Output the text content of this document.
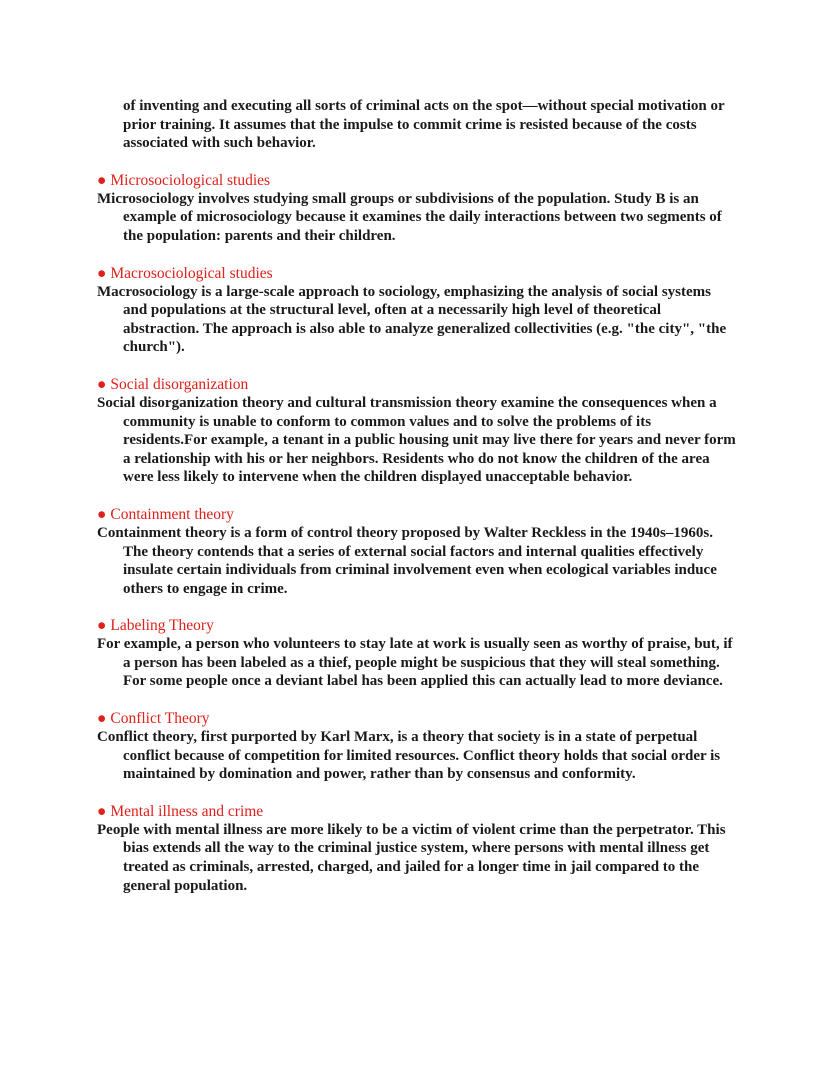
of inventing and executing all sorts of criminal acts on the spot—without special motivation or prior training. It assumes that the impulse to commit crime is resisted because of the costs associated with such behavior.

● Microsociological studies

Microsociology involves studying small groups or subdivisions of the population. Study B is an example of microsociology because it examines the daily interactions between two segments of the population: parents and their children.

● Macrosociological studies

Macrosociology is a large-scale approach to sociology, emphasizing the analysis of social systems and populations at the structural level, often at a necessarily high level of theoretical abstraction. The approach is also able to analyze generalized collectivities (e.g. "the city", "the church").

● Social disorganization

Social disorganization theory and cultural transmission theory examine the consequences when a community is unable to conform to common values and to solve the problems of its residents.For example, a tenant in a public housing unit may live there for years and never form a relationship with his or her neighbors. Residents who do not know the children of the area were less likely to intervene when the children displayed unacceptable behavior.

● Containment theory

Containment theory is a form of control theory proposed by Walter Reckless in the 1940s–1960s. The theory contends that a series of external social factors and internal qualities effectively insulate certain individuals from criminal involvement even when ecological variables induce others to engage in crime.

● Labeling Theory

For example, a person who volunteers to stay late at work is usually seen as worthy of praise, but, if a person has been labeled as a thief, people might be suspicious that they will steal something. For some people once a deviant label has been applied this can actually lead to more deviance.

● Conflict Theory

Conflict theory, first purported by Karl Marx, is a theory that society is in a state of perpetual conflict because of competition for limited resources. Conflict theory holds that social order is maintained by domination and power, rather than by consensus and conformity.

● Mental illness and crime

People with mental illness are more likely to be a victim of violent crime than the perpetrator. This bias extends all the way to the criminal justice system, where persons with mental illness get treated as criminals, arrested, charged, and jailed for a longer time in jail compared to the general population.
